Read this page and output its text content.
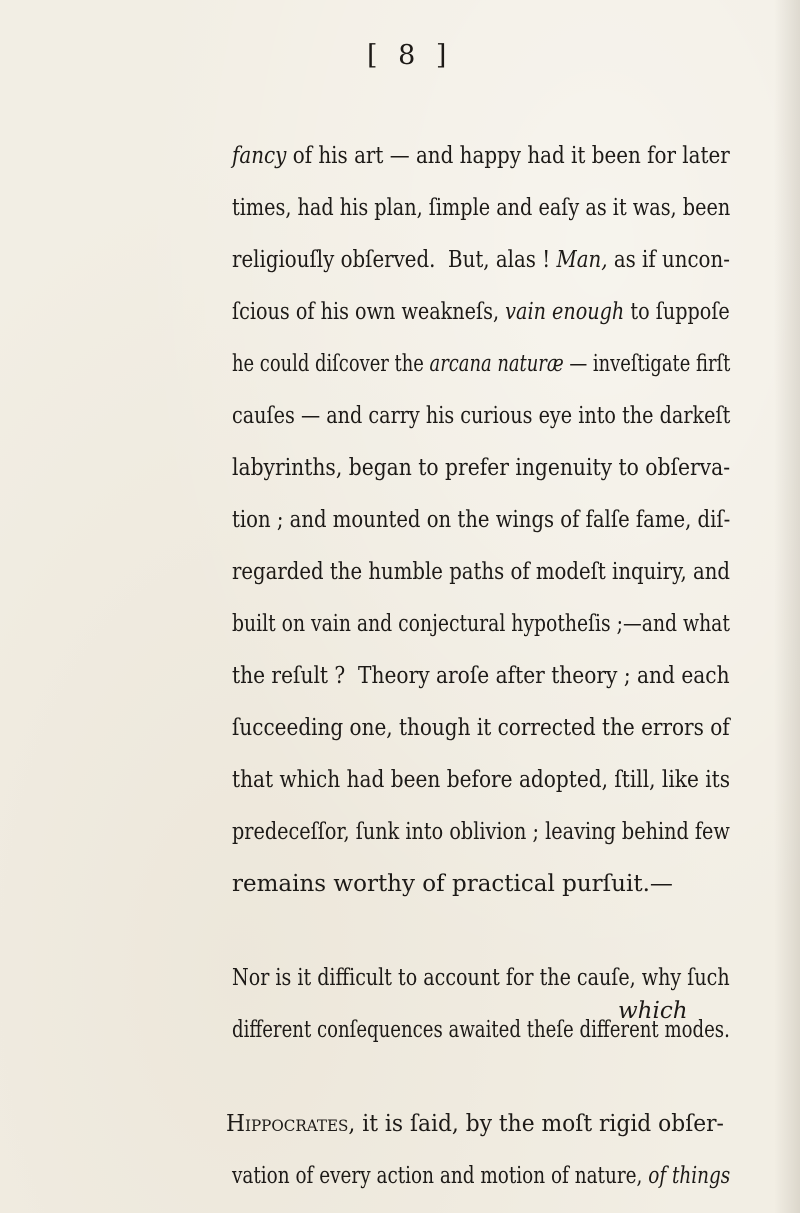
[ 8 ]
fancy of his art — and happy had it been for later
times, had his plan, ſimple and eaſy as it was, been
religiouſly obſerved.  But, alas ! Man, as if uncon-
ſcious of his own weakneſs, vain enough to ſuppoſe
he could diſcover the arcana naturæ — inveſtigate firſt
cauſes — and carry his curious eye into the darkeſt
labyrinths, began to prefer ingenuity to obſerva-
tion ; and mounted on the wings of falſe fame, diſ-
regarded the humble paths of modeſt inquiry, and
built on vain and conjectural hypotheſis ;—and what
the reſult ?  Theory aroſe after theory ; and each
ſucceeding one, though it corrected the errors of
that which had been before adopted, ſtill, like its
predeceſſor, ſunk into oblivion ; leaving behind few
remains worthy of practical purſuit.—
Nor is it difficult to account for the cauſe, why ſuch
different conſequences awaited theſe different modes.
Hippocrates, it is ſaid, by the moſt rigid obſer-
vation of every action and motion of nature, of things
which
